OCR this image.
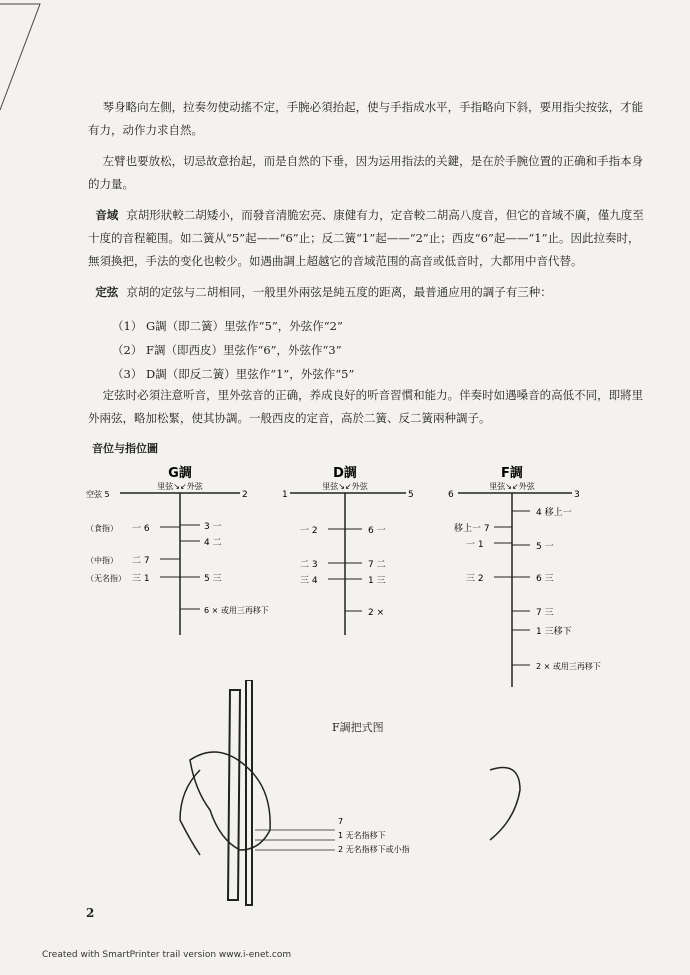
琴身略向左側，拉奏勿使动搖不定，手腕必須抬起，使与手指成水平，手指略向下斜，要用指尖按弦，才能有力，动作力求自然。

左臂也要放松，切忌故意抬起，而是自然的下垂，因为运用指法的关鍵，是在於手腕位置的正确和手指本身的力量。

音域 京胡形狀較二胡矮小，而發音清脆宏亮、康健有力，定音較二胡高八度音，但它的音域不廣，僅九度至十度的音程範围。如二簧从“5”起——“6”止；反二簧“1”起——“2”止；西皮“6”起——“1”止。因此拉奏时，無須換把，手法的变化也較少。如遇曲調上超越它的音域范围的高音或低音时，大都用中音代替。

定弦 京胡的定弦与二胡相同，一般里外兩弦是純五度的距离，最普通应用的調子有三种：

（1） G調（即二簧）里弦作“5”，外弦作“2”
（2） F調（即西皮）里弦作“6”，外弦作“3”
（3） D調（即反二簧）里弦作“1”，外弦作“5”

定弦时必須注意听音，里外弦音的正确，养成良好的听音習慣和能力。伴奏时如遇嗓音的高低不同，即將里外兩弦，略加松緊，使其协調。一般西皮的定音，高於二簧、反二簧兩种調子。

音位与指位圖
G調
里弦↘↙外弦
空弦 5	2
（食指）
（中指）
（无名指）
一 6
二 7
三 1
3 一
4 二
5 三
6 × 或用三再移下
D調
里弦↘↙外弦
1	5
一 2
二 3
三 4
6 一
7 二
1 三
2 ×
F調
里弦↘↙外弦
6	3
移上一 7
一 1
三 2
4 移上一
5 一
6 三
7 三
1 三移下
2 × 或用三再移下
7
1 无名指移下
2 无名指移下或小指
F調把式图
2
Created with SmartPrinter trail version www.i-enet.com
